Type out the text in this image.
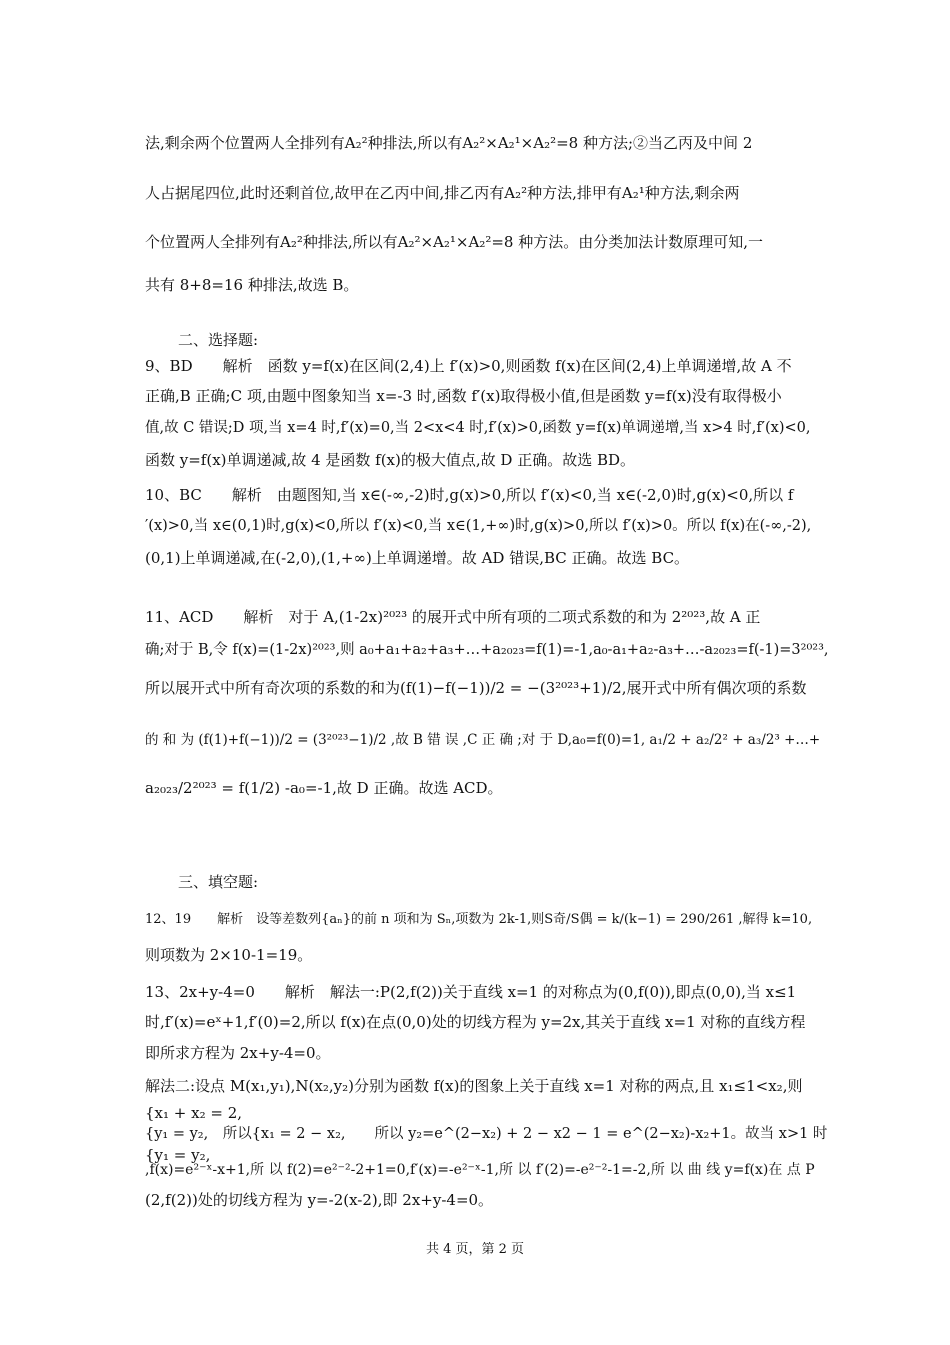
法,剩余两个位置两人全排列有A₂²种排法,所以有A₂²×A₂¹×A₂²=8 种方法;②当乙丙及中间 2
人占据尾四位,此时还剩首位,故甲在乙丙中间,排乙丙有A₂²种方法,排甲有A₂¹种方法,剩余两
个位置两人全排列有A₂²种排法,所以有A₂²×A₂¹×A₂²=8 种方法。由分类加法计数原理可知,一
共有 8+8=16 种排法,故选 B。
二、选择题:
9、BD　　解析　函数 y=f(x)在区间(2,4)上 f′(x)>0,则函数 f(x)在区间(2,4)上单调递增,故 A 不
正确,B 正确;C 项,由题中图象知当 x=-3 时,函数 f′(x)取得极小值,但是函数 y=f(x)没有取得极小
值,故 C 错误;D 项,当 x=4 时,f′(x)=0,当 2<x<4 时,f′(x)>0,函数 y=f(x)单调递增,当 x>4 时,f′(x)<0,
函数 y=f(x)单调递减,故 4 是函数 f(x)的极大值点,故 D 正确。故选 BD。
10、BC　　解析　由题图知,当 x∈(-∞,-2)时,g(x)>0,所以 f′(x)<0,当 x∈(-2,0)时,g(x)<0,所以 f
′(x)>0,当 x∈(0,1)时,g(x)<0,所以 f′(x)<0,当 x∈(1,+∞)时,g(x)>0,所以 f′(x)>0。所以 f(x)在(-∞,-2),
(0,1)上单调递减,在(-2,0),(1,+∞)上单调递增。故 AD 错误,BC 正确。故选 BC。
11、ACD　　解析　对于 A,(1-2x)²⁰²³ 的展开式中所有项的二项式系数的和为 2²⁰²³,故 A 正
确;对于 B,令 f(x)=(1-2x)²⁰²³,则 a₀+a₁+a₂+a₃+…+a₂₀₂₃=f(1)=-1,a₀-a₁+a₂-a₃+…-a₂₀₂₃=f(-1)=3²⁰²³,
所以展开式中所有奇次项的系数的和为(f(1)−f(−1))/2 = −(3²⁰²³+1)/2,展开式中所有偶次项的系数
的 和 为 (f(1)+f(−1))/2 = (3²⁰²³−1)/2 ,故 B 错 误 ,C 正 确 ;对 于 D,a₀=f(0)=1, a₁/2 + a₂/2² + a₃/2³ +…+
a₂₀₂₃/2²⁰²³ = f(1/2) -a₀=-1,故 D 正确。故选 ACD。
三、填空题:
12、19　　解析　设等差数列{aₙ}的前 n 项和为 Sₙ,项数为 2k-1,则S奇/S偶 = k/(k−1) = 290/261 ,解得 k=10,
则项数为 2×10-1=19。
13、2x+y-4=0　　解析　解法一:P(2,f(2))关于直线 x=1 的对称点为(0,f(0)),即点(0,0),当 x≤1
时,f′(x)=eˣ+1,f′(0)=2,所以 f(x)在点(0,0)处的切线方程为 y=2x,其关于直线 x=1 对称的直线方程
即所求方程为 2x+y-4=0。
解法二:设点 M(x₁,y₁),N(x₂,y₂)分别为函数 f(x)的图象上关于直线 x=1 对称的两点,且 x₁≤1<x₂,则
{x₁ + x₂ = 2,
{y₁ = y₂,　所以{x₁ = 2 − x₂,　　所以 y₂=e^(2−x₂) + 2 − x2 − 1 = e^(2−x₂)-x₂+1。故当 x>1 时
{y₁ = y₂,
,f(x)=e²⁻ˣ-x+1,所 以 f(2)=e²⁻²-2+1=0,f′(x)=-e²⁻ˣ-1,所 以 f′(2)=-e²⁻²-1=-2,所 以 曲 线 y=f(x)在 点 P
(2,f(2))处的切线方程为 y=-2(x-2),即 2x+y-4=0。
共 4 页，第 2 页
